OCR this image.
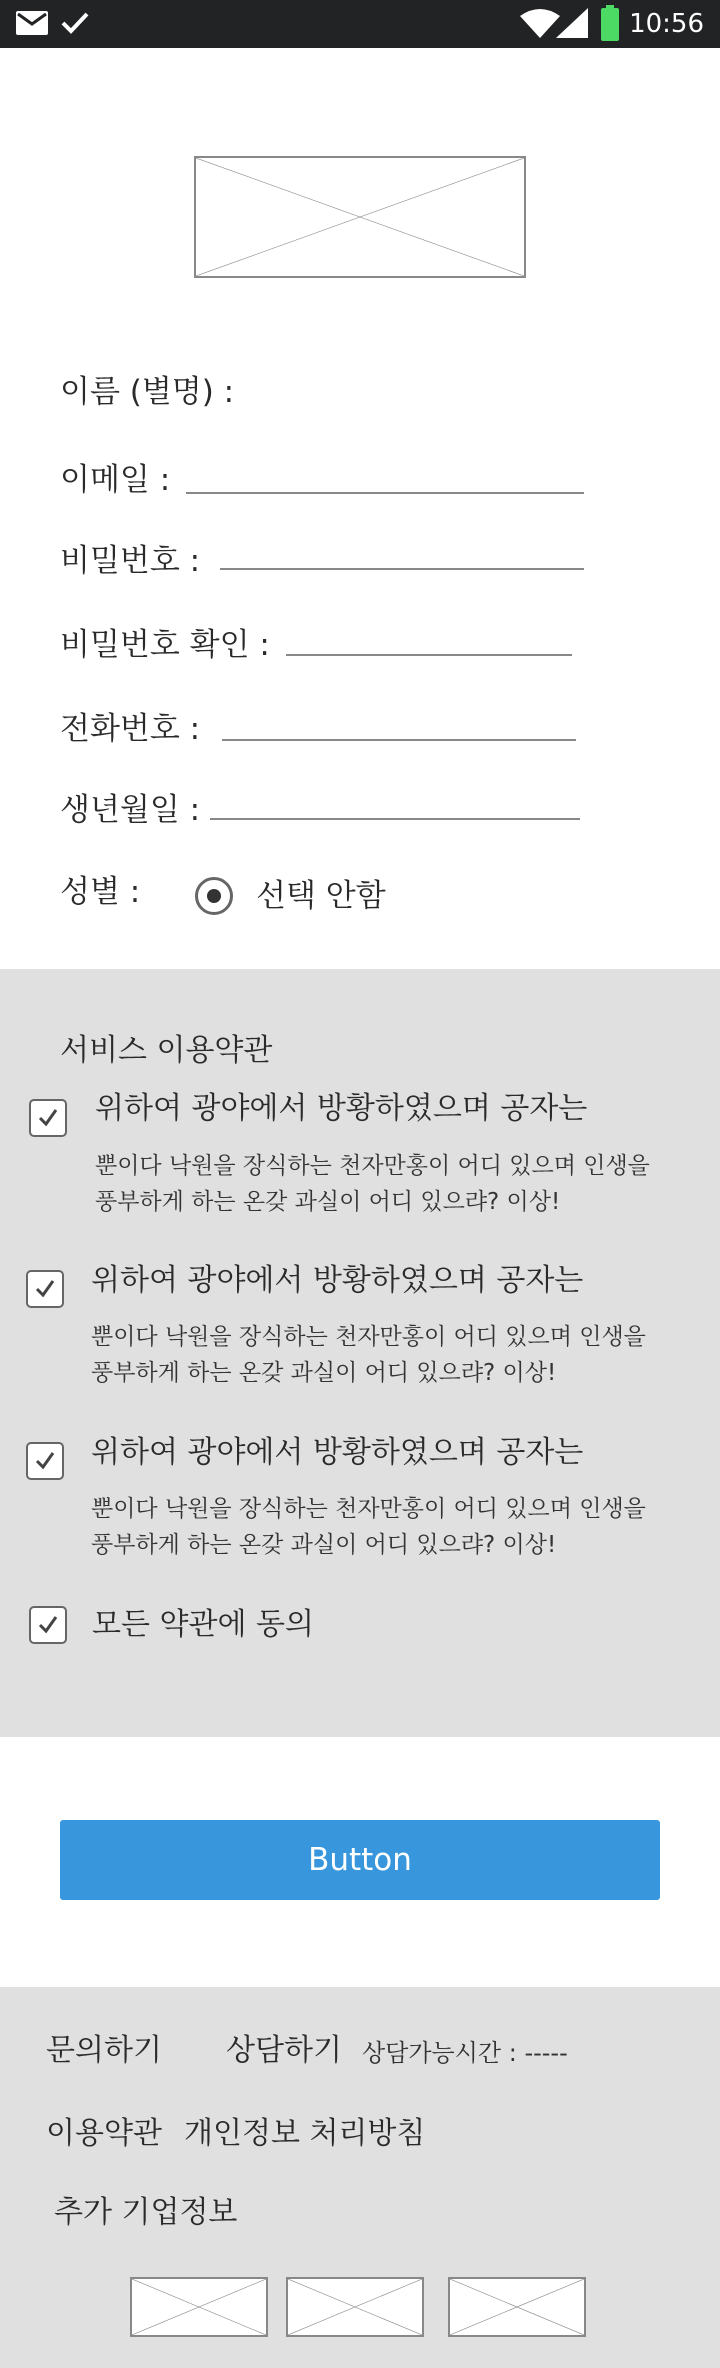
10:56
이름 (별명) :
이메일 :
비밀번호 :
비밀번호 확인 :
전화번호 :
생년월일 :
성별 :	선택 안함
서비스 이용약관
위하여 광야에서 방황하였으며 공자는
뿐이다 낙원을 장식하는 천자만홍이 어디 있으며 인생을
풍부하게 하는 온갖 과실이 어디 있으랴? 이상!
위하여 광야에서 방황하였으며 공자는
뿐이다 낙원을 장식하는 천자만홍이 어디 있으며 인생을
풍부하게 하는 온갖 과실이 어디 있으랴? 이상!
위하여 광야에서 방황하였으며 공자는
뿐이다 낙원을 장식하는 천자만홍이 어디 있으며 인생을
풍부하게 하는 온갖 과실이 어디 있으랴? 이상!
모든 약관에 동의
Button
문의하기 상담하기 상담가능시간 : -----
이용약관 개인정보 처리방침
추가 기업정보
